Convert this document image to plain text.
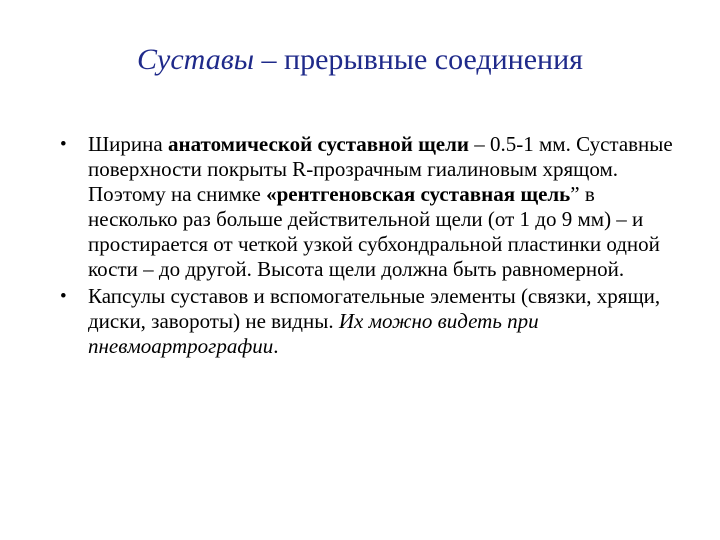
Суставы – прерывные соединения
•	Ширина анатомической суставной щели – 0.5-1 мм. Суставные поверхности покрыты R-прозрачным гиалиновым хрящом. Поэтому на снимке «рентгеновская суставная щель” в несколько раз больше действительной щели (от 1 до 9 мм) – и простирается от четкой узкой субхондральной пластинки одной кости – до другой. Высота щели должна быть равномерной.
•	Капсулы суставов и вспомогательные элементы (связки, хрящи, диски, завороты) не видны. Их можно видеть при пневмоартрографии.
